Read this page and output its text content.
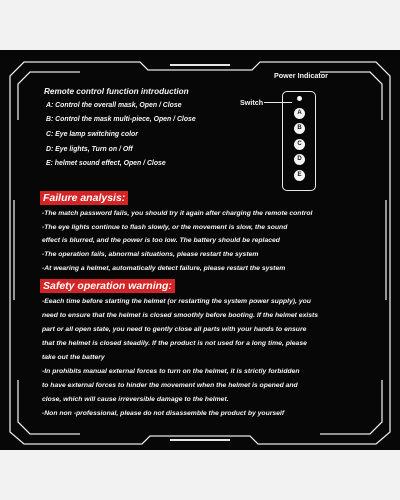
Remote control function introduction
A: Control the overall mask, Open / Close
B: Control the mask multi-piece, Open / Close
C: Eye lamp switching color
D: Eye lights, Turn on / Off
E: helmet sound effect, Open / Close
Power Indicator
Switch
A
B
C
D
E
Failure analysis:
-The match password fails, you should try it again after charging the remote control
-The eye lights continue to flash slowly, or the movement is slow, the sound
effect is blurred, and the power is too low. The battery should be replaced
-The operation fails, abnormal situations, please restart the system
-At wearing a helmet, automatically detect failure, please restart the system
Safety operation warning:
-Eeach time before starting the helmet (or restarting the system power supply), you
need to ensure that the helmet is closed smoothly before booting. If the helmet exists
part or all open state, you need to gently close all parts with your hands to ensure
that the helmet is closed steadily. If the product is not used for a long time, please
take out the battery
-In prohibits manual external forces to turn on the helmet, it is strictly forbidden
to have external forces to hinder the movement when the helmet is opened and
close, which will cause irreversible damage to the helmet.
-Non non -professional, please do not disassemble the product by yourself
